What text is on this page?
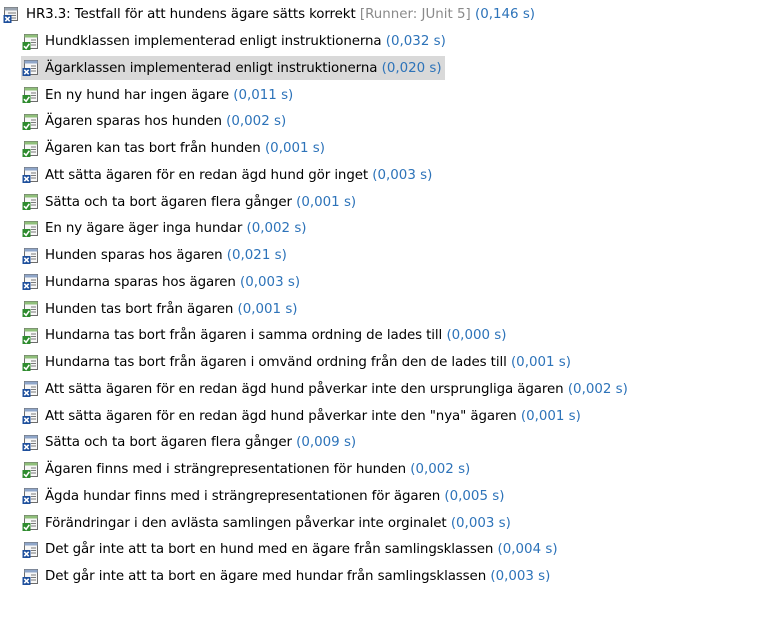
HR3.3: Testfall för att hundens ägare sätts korrekt
[Runner: JUnit 5]
(0,146 s)
Hundklassen implementerad enligt instruktionerna
(0,032 s)
Ägarklassen implementerad enligt instruktionerna
(0,020 s)
En ny hund har ingen ägare
(0,011 s)
Ägaren sparas hos hunden
(0,002 s)
Ägaren kan tas bort från hunden
(0,001 s)
Att sätta ägaren för en redan ägd hund gör inget
(0,003 s)
Sätta och ta bort ägaren flera gånger
(0,001 s)
En ny ägare äger inga hundar
(0,002 s)
Hunden sparas hos ägaren
(0,021 s)
Hundarna sparas hos ägaren
(0,003 s)
Hunden tas bort från ägaren
(0,001 s)
Hundarna tas bort från ägaren i samma ordning de lades till
(0,000 s)
Hundarna tas bort från ägaren i omvänd ordning från den de lades till
(0,001 s)
Att sätta ägaren för en redan ägd hund påverkar inte den ursprungliga ägaren
(0,002 s)
Att sätta ägaren för en redan ägd hund påverkar inte den "nya" ägaren
(0,001 s)
Sätta och ta bort ägaren flera gånger
(0,009 s)
Ägaren finns med i strängrepresentationen för hunden
(0,002 s)
Ägda hundar finns med i strängrepresentationen för ägaren
(0,005 s)
Förändringar i den avlästa samlingen påverkar inte orginalet
(0,003 s)
Det går inte att ta bort en hund med en ägare från samlingsklassen
(0,004 s)
Det går inte att ta bort en ägare med hundar från samlingsklassen
(0,003 s)
